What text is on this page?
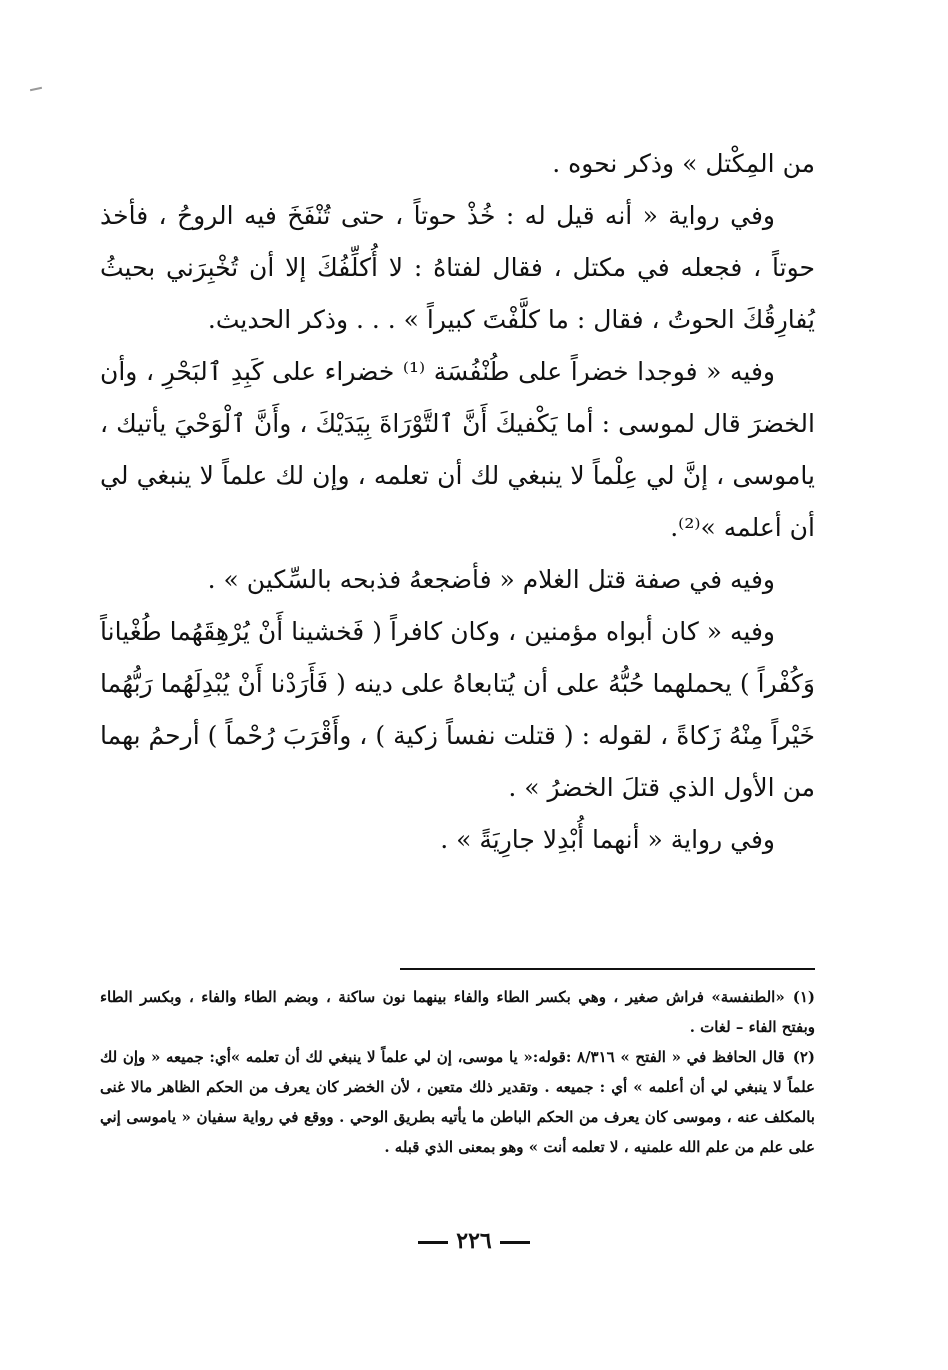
من المِكْتل » وذكر نحوه .

وفي رواية « أنه قيل له : خُذْ حوتاً ، حتى تُنْفَخَ فيه الروحُ ، فأخذ حوتاً ، فجعله في مكتل ، فقال لفتاهُ : لا أُكلِّفُكَ إلا أن تُخْبِرَني بحيثُ يُفارِقُكَ الحوتُ ، فقال : ما كلَّفْتَ كبيراً » . . . وذكر الحديث.

وفيه « فوجدا خضراً على طُنْفُسَة ⁽¹⁾ خضراء على كَبِدِ ٱلبَحْرِ ، وأن الخضرَ قال لموسى : أما يَكْفيكَ أَنَّ ٱلتَّوْرَاةَ بِيَدَيْكَ ، وأَنَّ ٱلْوَحْيَ يأتيك ، ياموسى ، إنَّ لي عِلْماً لا ينبغي لك أن تعلمه ، وإن لك علماً لا ينبغي لي أن أعلمه »⁽²⁾.

وفيه في صفة قتل الغلام « فأضجعهُ فذبحه بالسِّكين » .

وفيه « كان أبواه مؤمنين ، وكان كافراً ( فَخشينا أَنْ يُرْهِقَهُما طُغْياناً وَكُفْراً ) يحملهما حُبُّهُ على أن يُتابعاهُ على دينه ( فَأَرَدْنا أَنْ يُبْدِلَهُما رَبُّهُما خَيْراً مِنْهُ زَكاةً ، لقوله : ( قتلت نفساً زكية ) ، وأَقْرَبَ رُحْماً ) أرحمُ بهما من الأول الذي قتلَ الخضرُ » .

وفي رواية « أنهما أُبْدِلا جارِيَةً » .

(١)«الطنفسة» فراش صغير ، وهي بكسر الطاء والفاء بينهما نون ساكنة ، وبضم الطاء والفاء ، وبكسر الطاء وبفتح الفاء – لغات .

(٢)قال الحافظ في « الفتح » ٨/٣١٦ :قوله:« يا موسى، إن لي علماً لا ينبغي لك أن تعلمه »أي: جميعه « وإن لك علماً لا ينبغي لي أن أعلمه » أي : جميعه . وتقدير ذلك متعين ، لأن الخضر كان يعرف من الحكم الظاهر مالا غنى بالمكلف عنه ، وموسى كان يعرف من الحكم الباطن ما يأتيه بطريق الوحي . ووقع في رواية سفيان « ياموسى إني على علم من علم الله علمنيه ، لا تعلمه أنت » وهو بمعنى الذي قبله .

٢٢٦
